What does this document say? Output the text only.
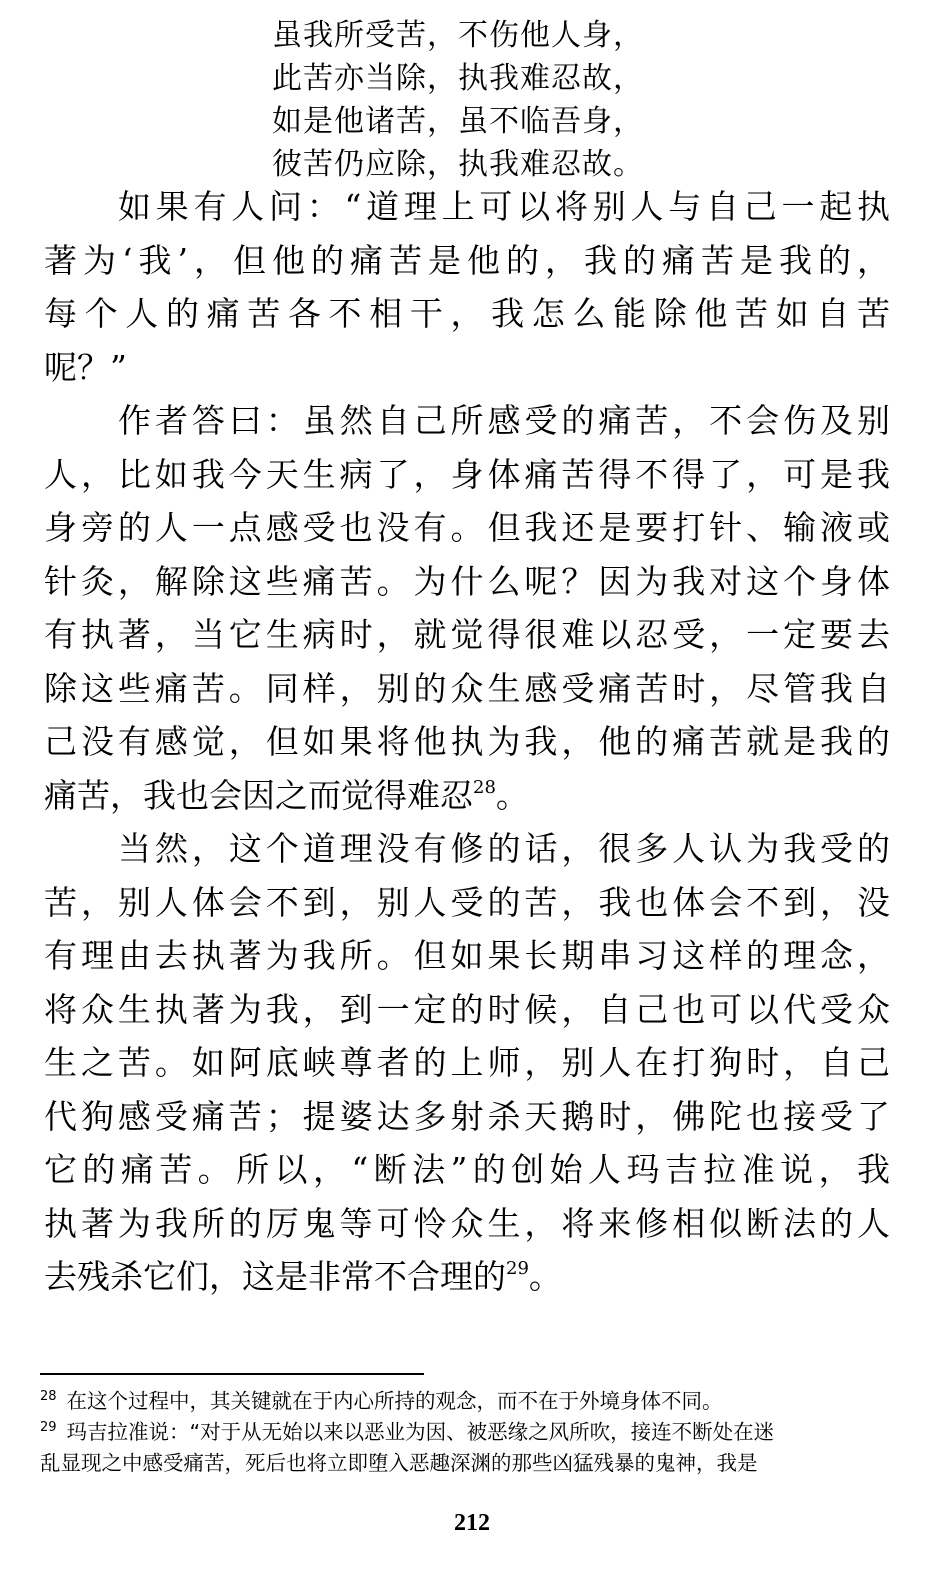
虽我所受苦，不伤他人身，
此苦亦当除，执我难忍故，
如是他诸苦，虽不临吾身，
彼苦仍应除，执我难忍故。
如果有人问：“道理上可以将别人与自己一起执
著为‘我’，但他的痛苦是他的，我的痛苦是我的，
每个人的痛苦各不相干，我怎么能除他苦如自苦
呢？”
作者答曰：虽然自己所感受的痛苦，不会伤及别
人，比如我今天生病了，身体痛苦得不得了，可是我
身旁的人一点感受也没有。但我还是要打针、输液或
针灸，解除这些痛苦。为什么呢？因为我对这个身体
有执著，当它生病时，就觉得很难以忍受，一定要去
除这些痛苦。同样，别的众生感受痛苦时，尽管我自
己没有感觉，但如果将他执为我，他的痛苦就是我的
痛苦，我也会因之而觉得难忍$^{28}$。
当然，这个道理没有修的话，很多人认为我受的
苦，别人体会不到，别人受的苦，我也体会不到，没
有理由去执著为我所。但如果长期串习这样的理念，
将众生执著为我，到一定的时候，自己也可以代受众
生之苦。如阿底峡尊者的上师，别人在打狗时，自己
代狗感受痛苦；提婆达多射杀天鹅时，佛陀也接受了
它的痛苦。所以，“断法”的创始人玛吉拉准说，我
执著为我所的厉鬼等可怜众生，将来修相似断法的人
去残杀它们，这是非常不合理的$^{29}$。
$^{28}$ 在这个过程中，其关键就在于内心所持的观念，而不在于外境身体不同。
$^{29}$ 玛吉拉准说：“对于从无始以来以恶业为因、被恶缘之风所吹，接连不断处在迷
乱显现之中感受痛苦，死后也将立即堕入恶趣深渊的那些凶猛残暴的鬼神，我是
212
